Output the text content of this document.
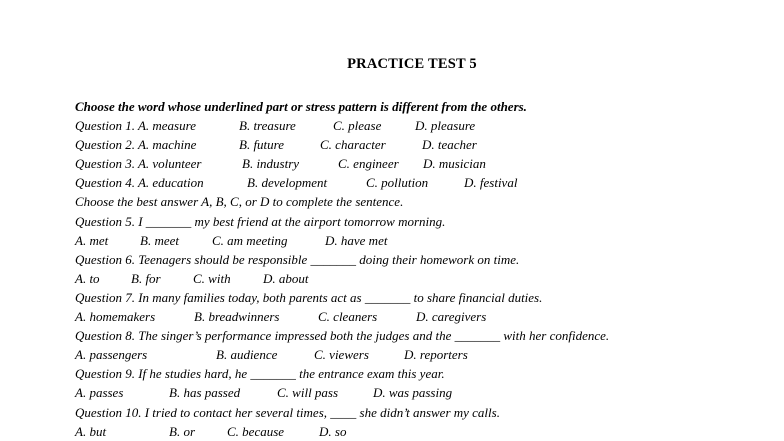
PRACTICE TEST 5
Choose the word whose underlined part or stress pattern is different from the others.
Question 1. A. measure	B. treasure	C. please	D. pleasure
Question 2. A. machine	B. future	C. character	D. teacher
Question 3. A. volunteer	B. industry	C. engineer D. musician
Question 4. A. education	B. development	C. pollution	D. festival
Choose the best answer A, B, C, or D to complete the sentence.
Question 5. I _______ my best friend at the airport tomorrow morning.
A. met B. meet	C. am meeting	D. have met
Question 6. Teenagers should be responsible _______ doing their homework on time.
A. to B. for C. with D. about
Question 7. In many families today, both parents act as _______ to share financial duties.
A. homemakers	B. breadwinners	C. cleaners	D. caregivers
Question 8. The singer’s performance impressed both the judges and the _______ with her confidence.
A. passengers	B. audience	C. viewers	D. reporters
Question 9. If he studies hard, he _______ the entrance exam this year.
A. passes	B. has passed	C. will pass	D. was passing
Question 10. I tried to contact her several times, ____ she didn’t answer my calls.
A. but	B. or C. because	D. so
